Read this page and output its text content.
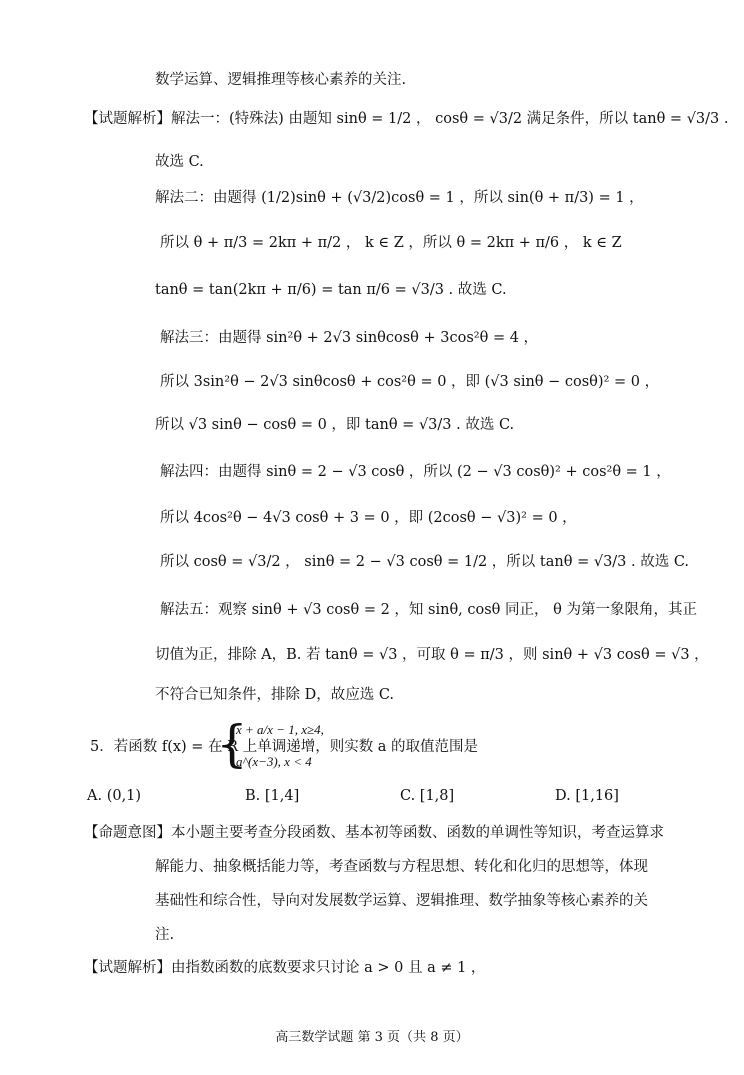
数学运算、逻辑推理等核心素养的关注.
【试题解析】解法一：(特殊法) 由题知 sinθ = 1/2 ， cosθ = √3/2 满足条件，所以 tanθ = √3/3 .
故选 C.
解法二：由题得 (1/2)sinθ + (√3/2)cosθ = 1 ，所以 sin(θ + π/3) = 1 ，
所以 θ + π/3 = 2kπ + π/2 ， k ∈ Z ，所以 θ = 2kπ + π/6 ， k ∈ Z
tanθ = tan(2kπ + π/6) = tan π/6 = √3/3 . 故选 C.
解法三：由题得 sin²θ + 2√3 sinθcosθ + 3cos²θ = 4 ，
所以 3sin²θ − 2√3 sinθcosθ + cos²θ = 0 ，即 (√3 sinθ − cosθ)² = 0 ，
所以 √3 sinθ − cosθ = 0 ，即 tanθ = √3/3 . 故选 C.
解法四：由题得 sinθ = 2 − √3 cosθ ，所以 (2 − √3 cosθ)² + cos²θ = 1 ，
所以 4cos²θ − 4√3 cosθ + 3 = 0 ，即 (2cosθ − √3)² = 0 ，
所以 cosθ = √3/2 ， sinθ = 2 − √3 cosθ = 1/2 ，所以 tanθ = √3/3 . 故选 C.
解法五：观察 sinθ + √3 cosθ = 2 ，知 sinθ, cosθ 同正， θ 为第一象限角，其正
切值为正，排除 A，B. 若 tanθ = √3 ，可取 θ = π/3 ，则 sinθ + √3 cosθ = √3 ，
不符合已知条件，排除 D，故应选 C.
5．若函数 f(x) = 在 R 上单调递增，则实数 a 的取值范围是
{
x + a/x − 1, x≥4,
a^(x−3), x < 4
A. (0,1)	B. [1,4]	C. [1,8]	D. [1,16]
【命题意图】本小题主要考查分段函数、基本初等函数、函数的单调性等知识，考查运算求
解能力、抽象概括能力等，考查函数与方程思想、转化和化归的思想等，体现
基础性和综合性，导向对发展数学运算、逻辑推理、数学抽象等核心素养的关
注.
【试题解析】由指数函数的底数要求只讨论 a > 0 且 a ≠ 1 ，
高三数学试题 第 3 页（共 8 页）
